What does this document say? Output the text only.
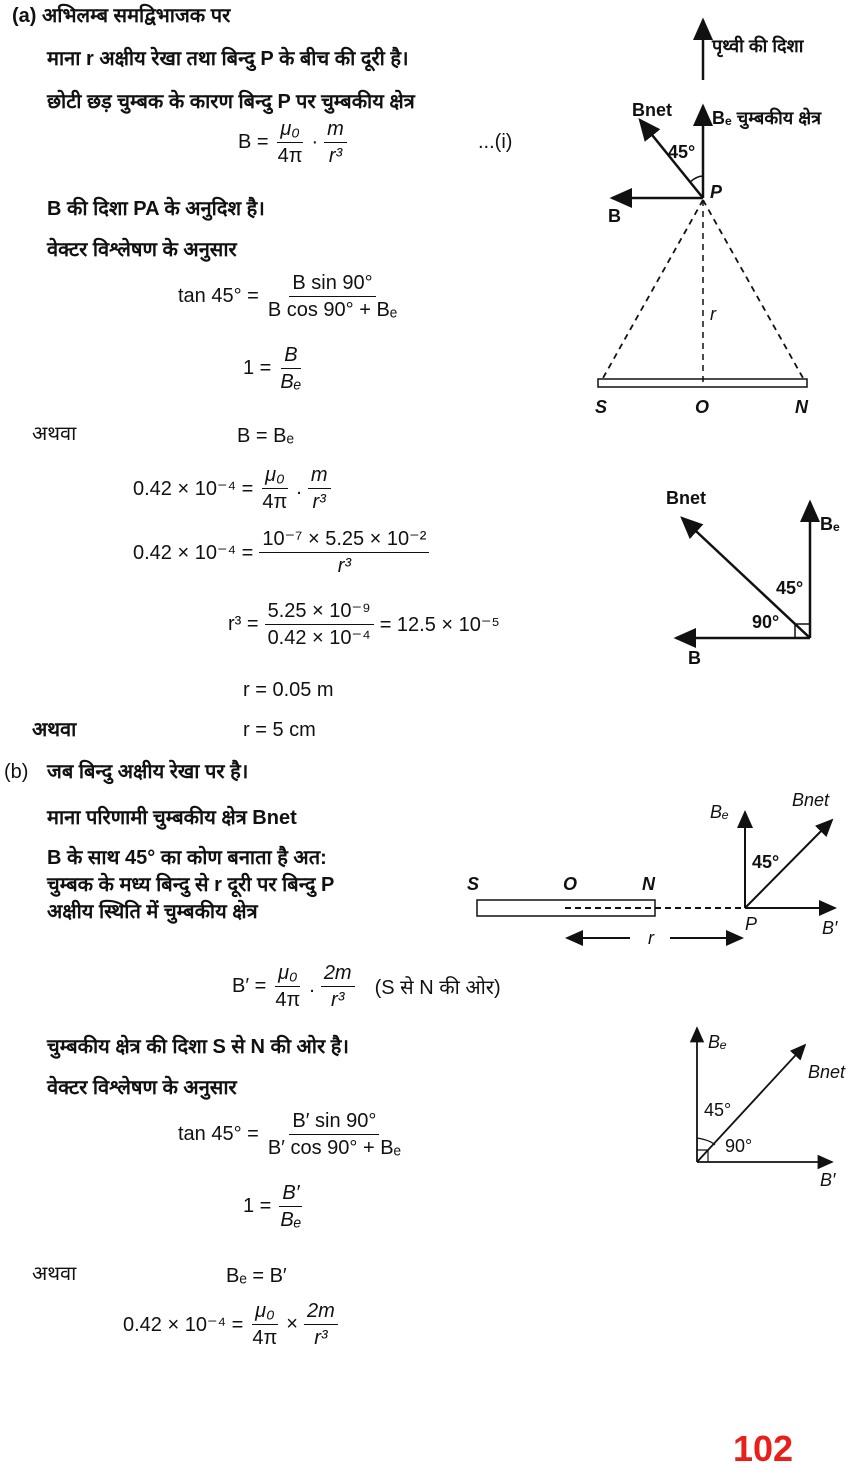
(a) अभिलम्ब समद्विभाजक पर
माना r अक्षीय रेखा तथा बिन्दु P के बीच की दूरी है।
छोटी छड़ चुम्बक के कारण बिन्दु P पर चुम्बकीय क्षेत्र
$B = \frac{\text{μ₀}}{4\pi} \cdot \frac{m}{\text{r³}}$	...(i)
B की दिशा PA के अनुदिश है।
वेक्टर विश्लेषण के अनुसार
$\tan 45^\circ = \frac{\text{B sin 90°}}{\text{B cos 90° + Bₑ}}$
$1 = \frac{B}{\text{Bₑ}}$
अथवा	B = Bₑ
$0.42 \times 10^{-4} = \frac{\text{μ₀}}{4\pi}$ . $\frac{m}{\text{r³}}$
$0.42 \times 10^{-4} = \frac{\text{10⁻⁷ × 5.25 × 10⁻²}}{\text{r³}}$
$r^3 = \frac{\text{5.25 × 10⁻⁹}}{\text{0.42 × 10⁻⁴}} = 12.5 \times 10^{-5}$
r = 0.05 m
अथवा	r = 5 cm
(b) जब बिन्दु अक्षीय रेखा पर है।
माना परिणामी चुम्बकीय क्षेत्र Bnet
B के साथ 45° का कोण बनाता है अत:
चुम्बक के मध्य बिन्दु से r दूरी पर बिन्दु P
अक्षीय स्थिति में चुम्बकीय क्षेत्र
$B' = \frac{\text{μ₀}}{4\pi}$ . $\frac{2m}{\text{r³}} (S$ से N की ओर)
चुम्बकीय क्षेत्र की दिशा S से N की ओर है।
वेक्टर विश्लेषण के अनुसार
$\tan 45^\circ = \frac{B' \sin 90^\circ}{\text{B′ cos 90° + Bₑ}}$
$1 = \frac{B'}{\text{Bₑ}}$
अथवा	Bₑ = B′
$0.42 \times 10^{-4} = \frac{\text{μ₀}}{4\pi} \times \frac{2m}{\text{r³}}$
पृथ्वी की दिशा
Bnet Bₑ चुम्बकीय क्षेत्र
45°
P
B
r
S	O	N
Bnet
Bₑ
45°
90°
B
Bₑ
Bnet
45°
S	O	N
P	B′
r
Bₑ
Bnet
45°
90°
B′
102
